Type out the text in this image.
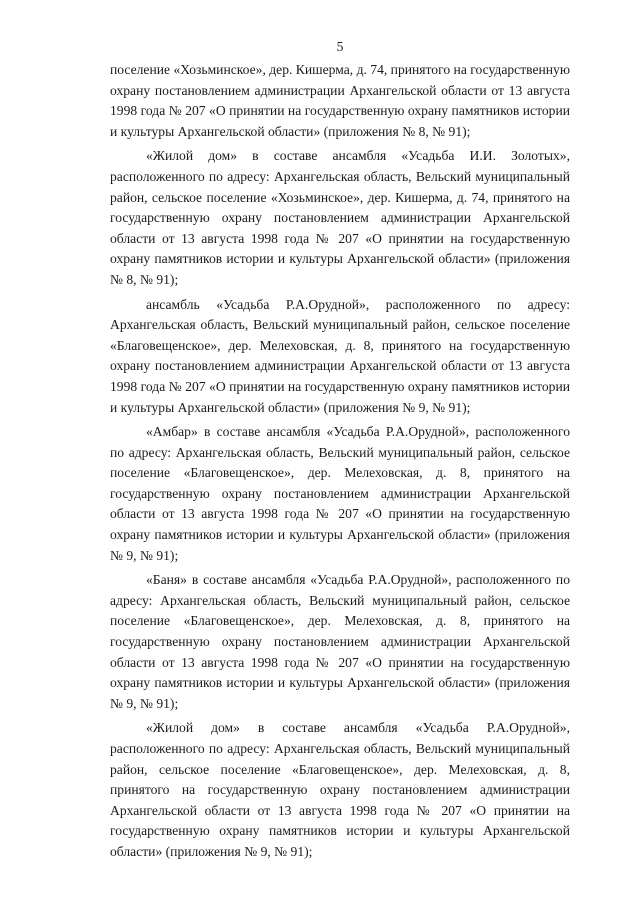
5

поселение «Хозьминское», дер. Кишерма, д. 74, принятого на государственную охрану постановлением администрации Архангельской области от 13 августа 1998 года № 207 «О принятии на государственную охрану памятников истории и культуры Архангельской области» (приложения № 8, № 91);

«Жилой дом» в составе ансамбля «Усадьба И.И. Золотых», расположенного по адресу: Архангельская область, Вельский муниципальный район, сельское поселение «Хозьминское», дер. Кишерма, д. 74, принятого на государственную охрану постановлением администрации Архангельской области от 13 августа 1998 года № 207 «О принятии на государственную охрану памятников истории и культуры Архангельской области» (приложения № 8, № 91);

ансамбль «Усадьба Р.А.Орудной», расположенного по адресу: Архангельская область, Вельский муниципальный район, сельское поселение «Благовещенское», дер. Мелеховская, д. 8, принятого на государственную охрану постановлением администрации Архангельской области от 13 августа 1998 года № 207 «О принятии на государственную охрану памятников истории и культуры Архангельской области» (приложения № 9, № 91);

«Амбар» в составе ансамбля «Усадьба Р.А.Орудной», расположенного по адресу: Архангельская область, Вельский муниципальный район, сельское поселение «Благовещенское», дер. Мелеховская, д. 8, принятого на государственную охрану постановлением администрации Архангельской области от 13 августа 1998 года № 207 «О принятии на государственную охрану памятников истории и культуры Архангельской области» (приложения № 9, № 91);

«Баня» в составе ансамбля «Усадьба Р.А.Орудной», расположенного по адресу: Архангельская область, Вельский муниципальный район, сельское поселение «Благовещенское», дер. Мелеховская, д. 8, принятого на государственную охрану постановлением администрации Архангельской области от 13 августа 1998 года № 207 «О принятии на государственную охрану памятников истории и культуры Архангельской области» (приложения № 9, № 91);

«Жилой дом» в составе ансамбля «Усадьба Р.А.Орудной», расположенного по адресу: Архангельская область, Вельский муниципальный район, сельское поселение «Благовещенское», дер. Мелеховская, д. 8, принятого на государственную охрану постановлением администрации Архангельской области от 13 августа 1998 года № 207 «О принятии на государственную охрану памятников истории и культуры Архангельской области» (приложения № 9, № 91);
